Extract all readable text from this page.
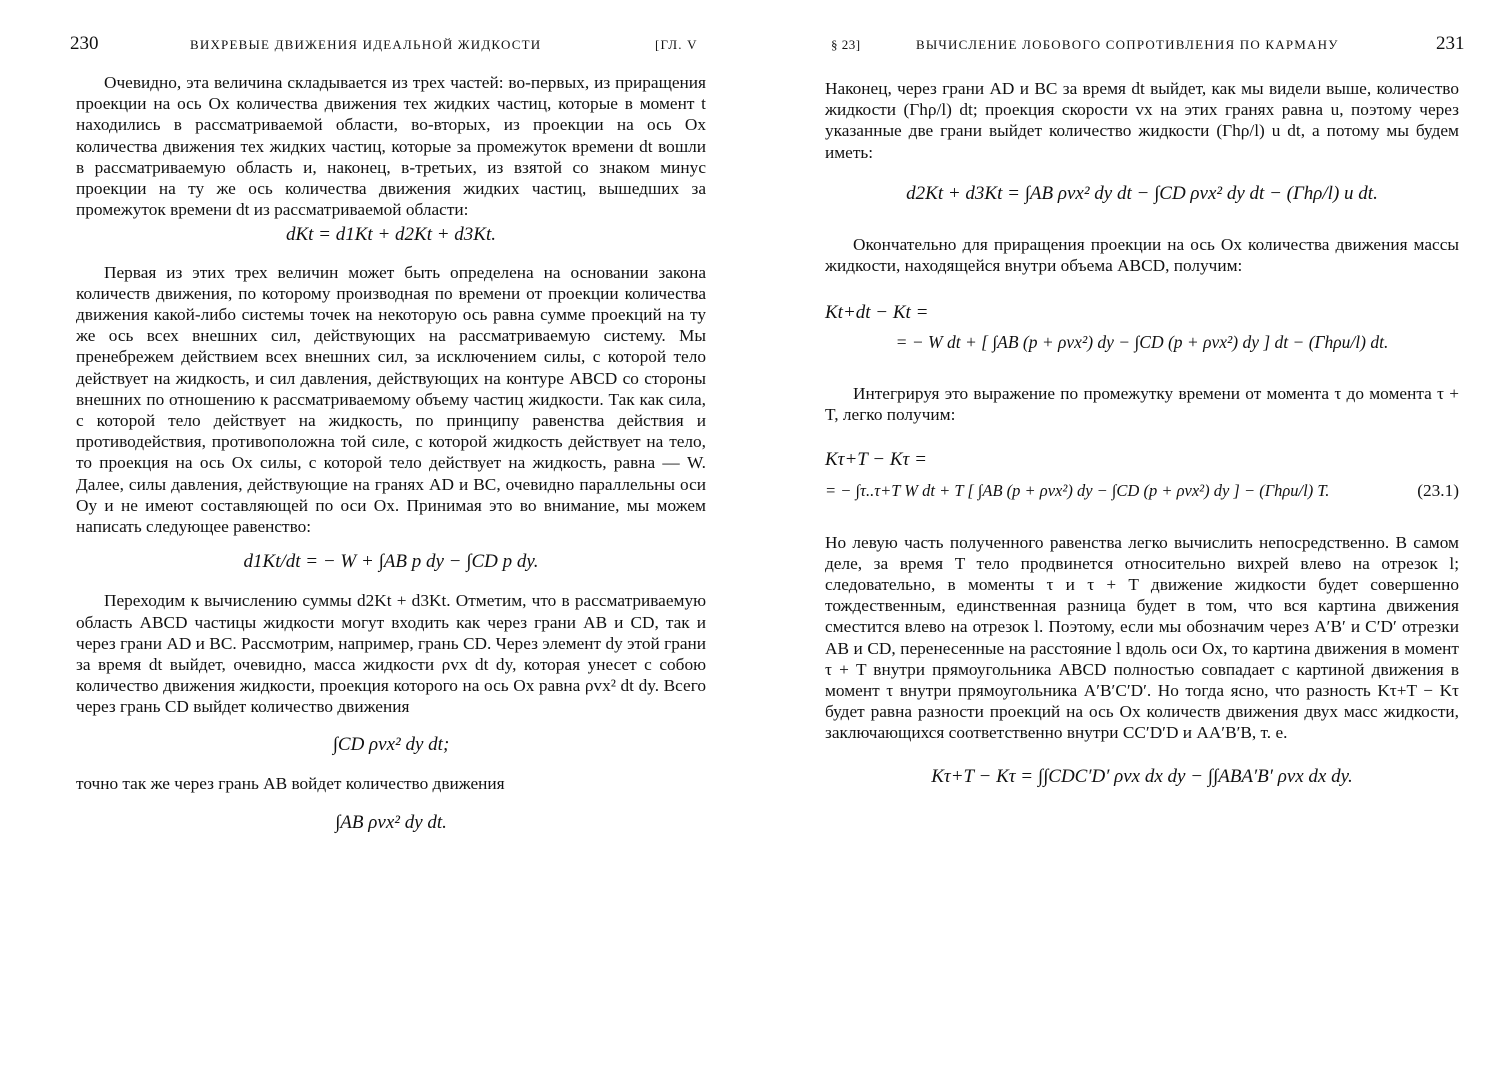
230	ВИХРЕВЫЕ ДВИЖЕНИЯ ИДЕАЛЬНОЙ ЖИДКОСТИ	[ГЛ. V

Очевидно, эта величина складывается из трех частей: во-первых, из приращения проекции на ось Ox количества движения тех жидких частиц, которые в момент t находились в рассматриваемой области, во-вторых, из проекции на ось Ox количества движения тех жидких частиц, которые за промежуток времени dt вошли в рассматриваемую область и, наконец, в-третьих, из взятой со знаком минус проекции на ту же ось количества движения жидких частиц, вышедших за промежуток времени dt из рассматриваемой области:

dKt = d1Kt + d2Kt + d3Kt.

Первая из этих трех величин может быть определена на основании закона количеств движения, по которому производная по времени от проекции количества движения какой-либо системы точек на некоторую ось равна сумме проекций на ту же ось всех внешних сил, действующих на рассматриваемую систему. Мы пренебрежем действием всех внешних сил, за исключением силы, с которой тело действует на жидкость, и сил давления, действующих на контуре ABCD со стороны внешних по отношению к рассматриваемому объему частиц жидкости. Так как сила, с которой тело действует на жидкость, по принципу равенства действия и противодействия, противоположна той силе, с которой жидкость действует на тело, то проекция на ось Ox силы, с которой тело действует на жидкость, равна — W. Далее, силы давления, действующие на гранях AD и BC, очевидно параллельны оси Oy и не имеют составляющей по оси Ox. Принимая это во внимание, мы можем написать следующее равенство:

d1Kt/dt = − W + ∫AB p dy − ∫CD p dy.

Переходим к вычислению суммы d2Kt + d3Kt. Отметим, что в рассматриваемую область ABCD частицы жидкости могут входить как через грани AB и CD, так и через грани AD и BC. Рассмотрим, например, грань CD. Через элемент dy этой грани за время dt выйдет, очевидно, масса жидкости ρvx dt dy, которая унесет с собою количество движения жидкости, проекция которого на ось Ox равна ρvx² dt dy. Всего через грань CD выйдет количество движения

∫CD ρvx² dy dt;

точно так же через грань AB войдет количество движения

∫AB ρvx² dy dt.
§ 23]	ВЫЧИСЛЕНИЕ ЛОБОВОГО СОПРОТИВЛЕНИЯ ПО КАРМАНУ	231

Наконец, через грани AD и BC за время dt выйдет, как мы видели выше, количество жидкости (Γhρ/l) dt; проекция скорости vx на этих гранях равна u, поэтому через указанные две грани выйдет количество жидкости (Γhρ/l) u dt, а потому мы будем иметь:

d2Kt + d3Kt = ∫AB ρvx² dy dt − ∫CD ρvx² dy dt − (Γhρ/l) u dt.

Окончательно для приращения проекции на ось Ox количества движения массы жидкости, находящейся внутри объема ABCD, получим:

Kt+dt − Kt =
= − W dt + [ ∫AB (p + ρvx²) dy − ∫CD (p + ρvx²) dy ] dt − (Γhρu/l) dt.

Интегрируя это выражение по промежутку времени от момента τ до момента τ + T, легко получим:

Kτ+T − Kτ =
= − ∫τ..τ+T W dt + T [ ∫AB (p + ρvx²) dy − ∫CD (p + ρvx²) dy ] − (Γhρu/l) T.	(23.1)

Но левую часть полученного равенства легко вычислить непосредственно. В самом деле, за время T тело продвинется относительно вихрей влево на отрезок l; следовательно, в моменты τ и τ + T движение жидкости будет совершенно тождественным, единственная разница будет в том, что вся картина движения сместится влево на отрезок l. Поэтому, если мы обозначим через A′B′ и C′D′ отрезки AB и CD, перенесенные на расстояние l вдоль оси Ox, то картина движения в момент τ + T внутри прямоугольника ABCD полностью совпадает с картиной движения в момент τ внутри прямоугольника A′B′C′D′. Но тогда ясно, что разность Kτ+T − Kτ будет равна разности проекций на ось Ox количеств движения двух масс жидкости, заключающихся соответственно внутри CC′D′D и AA′B′B, т. е.

Kτ+T − Kτ = ∫∫CDC′D′ ρvx dx dy − ∫∫ABA′B′ ρvx dx dy.
